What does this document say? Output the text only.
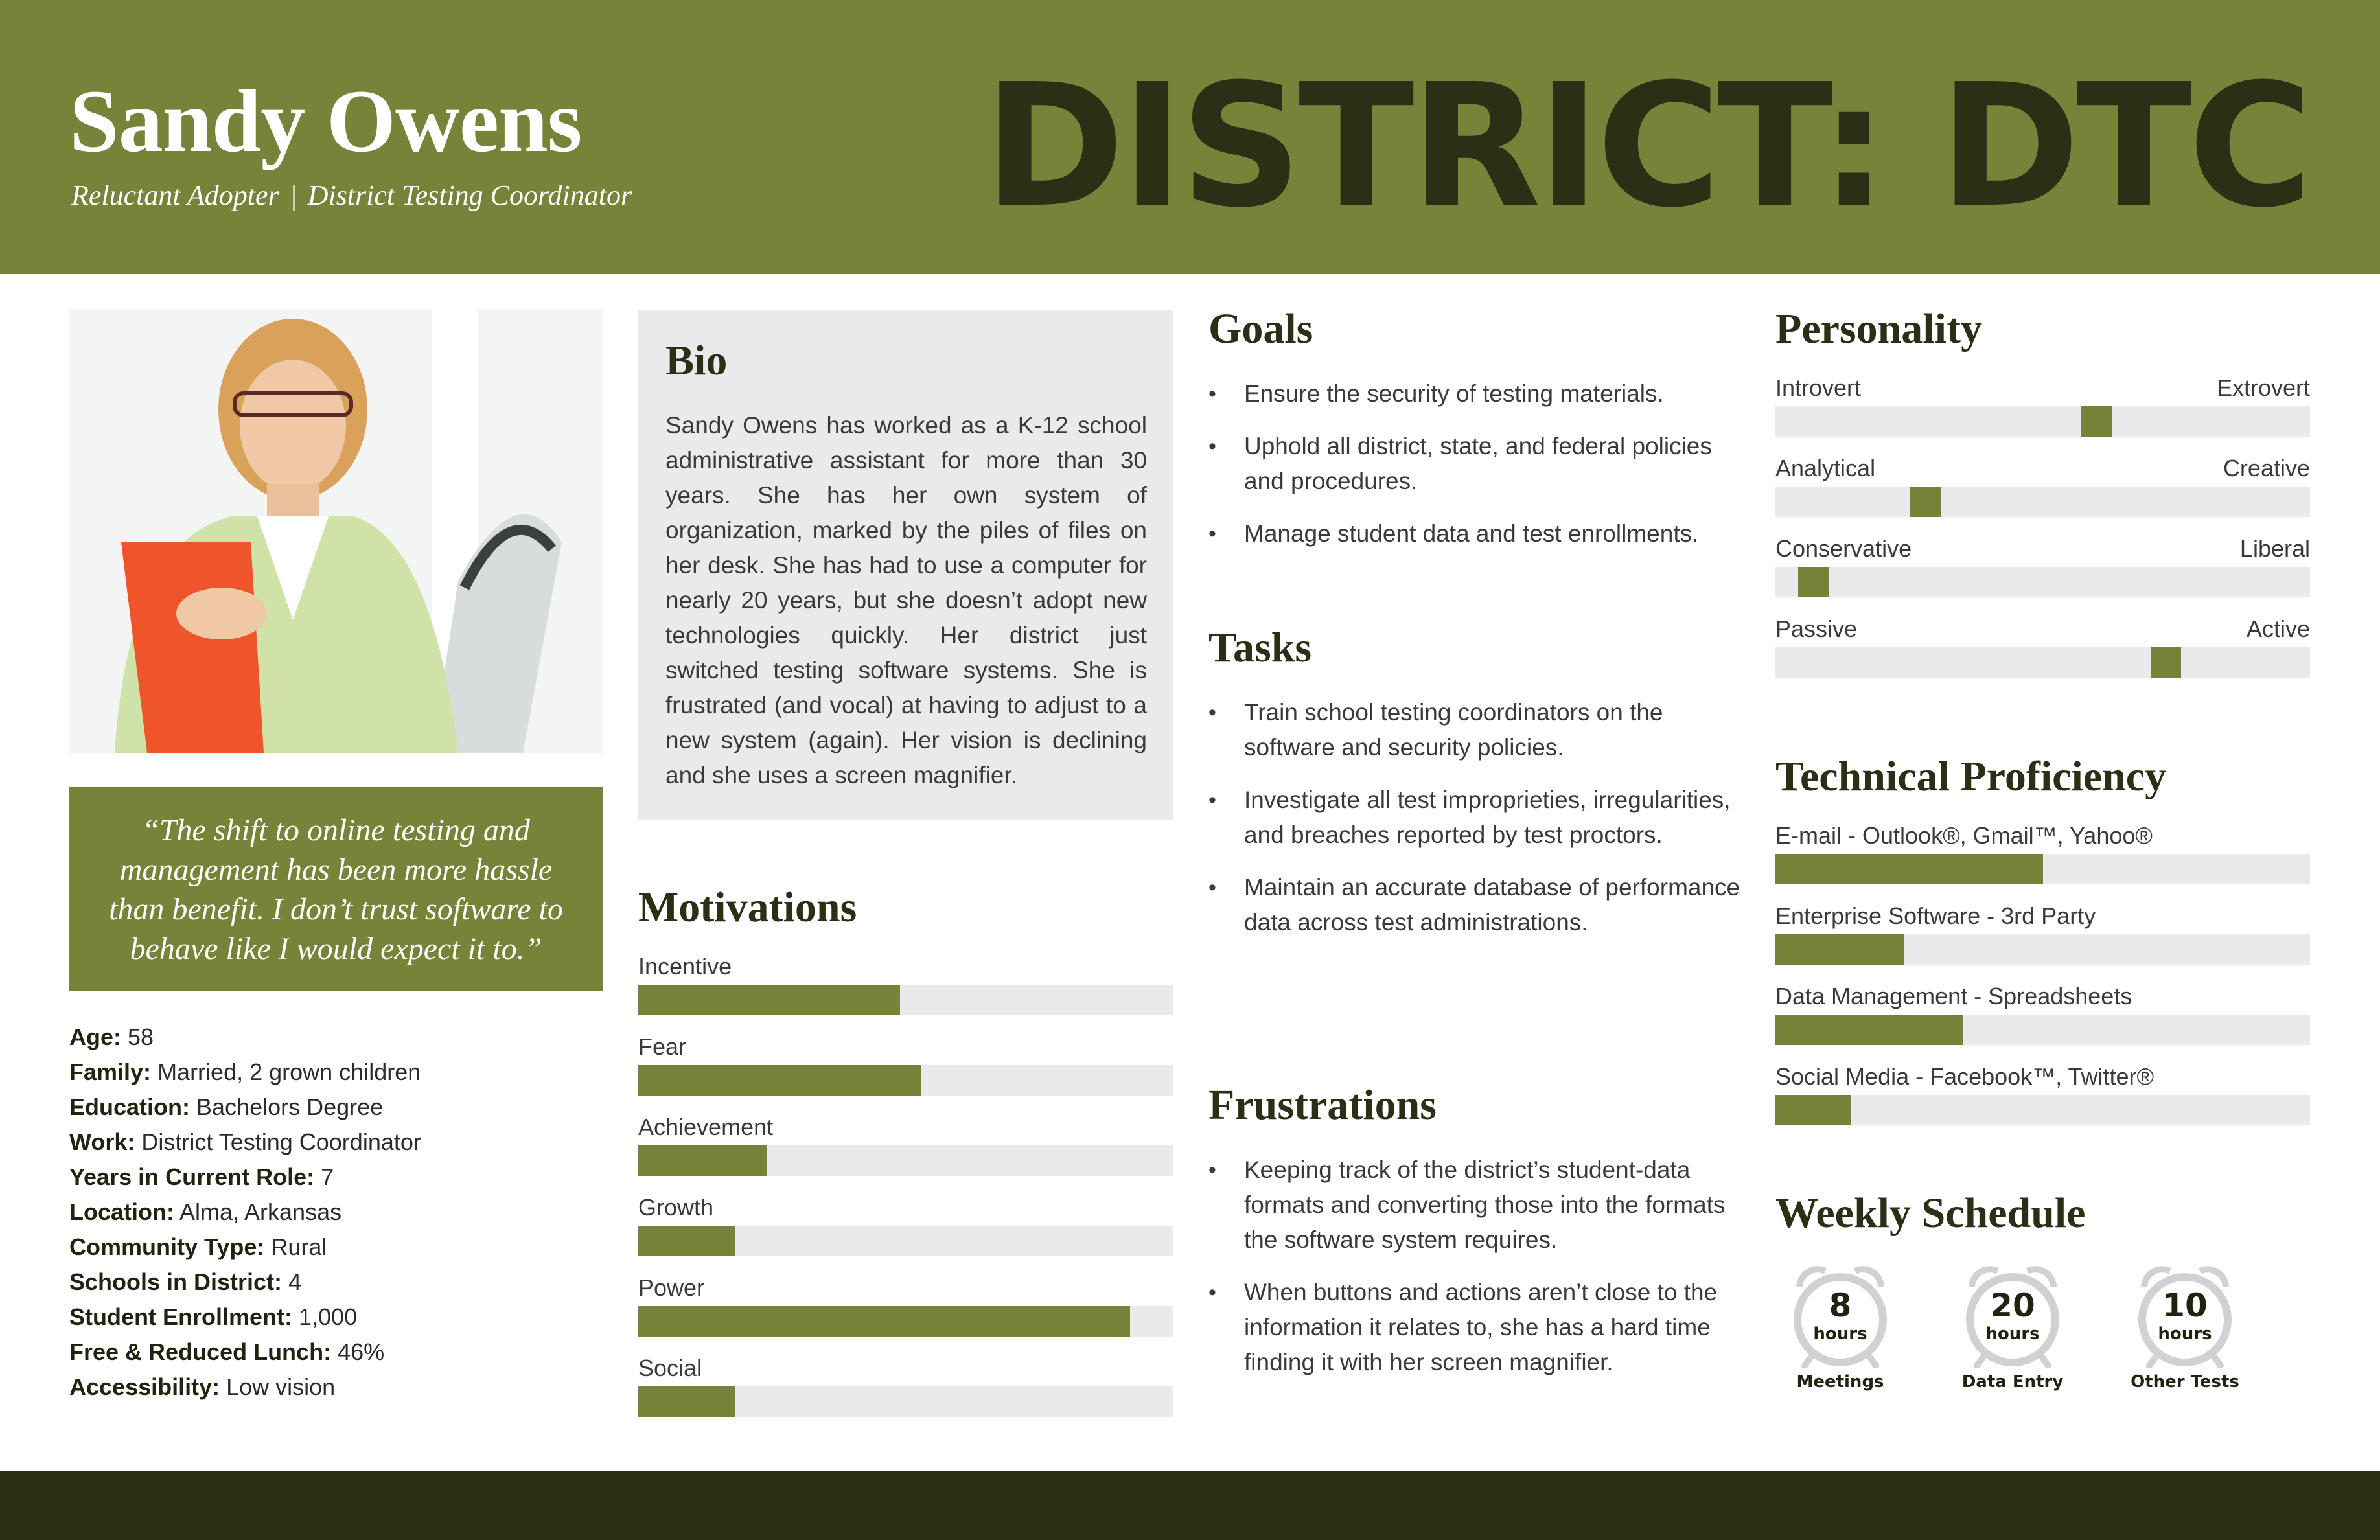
Sandy Owens
Reluctant Adopter | District Testing Coordinator DISTRICT: DTC

“The shift to online testing and management has been more hassle than benefit. I don’t trust software to behave like I would expect it to.”

Age: 58
Family: Married, 2 grown children
Education: Bachelors Degree
Work: District Testing Coordinator
Years in Current Role: 7
Location: Alma, Arkansas
Community Type: Rural
Schools in District: 4
Student Enrollment: 1,000
Free & Reduced Lunch: 46%
Accessibility: Low vision
Bio

Sandy Owens has worked as a K-12 school administrative assistant for more than 30 years. She has her own system of organization, marked by the piles of files on her desk. She has had to use a computer for nearly 20 years, but she doesn’t adopt new technologies quickly. Her district just switched testing software systems. She is frustrated (and vocal) at having to adjust to a new system (again). Her vision is declining and she uses a screen magnifier.

Motivations
Incentive
Fear
Achievement
Growth
Power
Social
Goals
• Ensure the security of testing materials.
• Uphold all district, state, and federal policies and procedures.
• Manage student data and test enrollments.
Tasks
• Train school testing coordinators on the software and security policies.
• Investigate all test improprieties, irregularities, and breaches reported by test proctors.
• Maintain an accurate database of performance data across test administrations.
Frustrations
• Keeping track of the district’s student-data formats and converting those into the formats the software system requires.
• When buttons and actions aren’t close to the information it relates to, she has a hard time finding it with her screen magnifier.
Personality
Introvert	Extrovert
Analytical	Creative
Conservative	Liberal
Passive	Active
Technical Proficiency
E-mail - Outlook®, Gmail™, Yahoo®
Enterprise Software - 3rd Party
Data Management - Spreadsheets
Social Media - Facebook™, Twitter®
Weekly Schedule
8
hours
Meetings
20
hours
Data Entry
10
hours
Other Tests
